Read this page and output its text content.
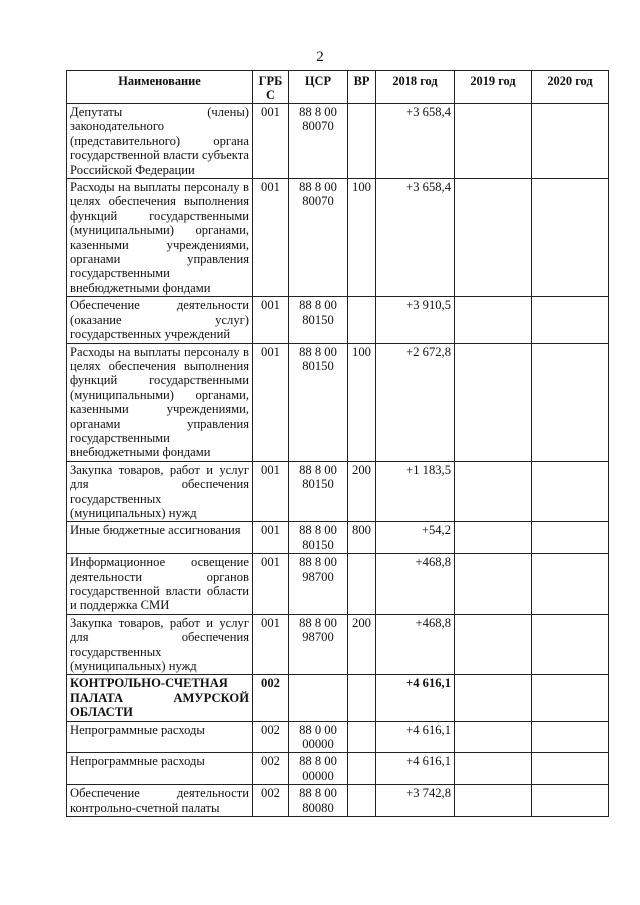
2
Наименование	ГРБ С	ЦСР	ВР	2018 год	2019 год	2020 год
Депутаты (члены) законодательного (представительного) органа государственной власти субъекта Российской Федерации	001	88 8 00 80070		+3 658,4		
Расходы на выплаты персоналу в целях обеспечения выполнения функций государственными (муниципальными) органами, казенными учреждениями, органами управления государственными внебюджетными фондами	001	88 8 00 80070	100	+3 658,4		
Обеспечение деятельности (оказание услуг) государственных учреждений	001	88 8 00 80150		+3 910,5		
Расходы на выплаты персоналу в целях обеспечения выполнения функций государственными (муниципальными) органами, казенными учреждениями, органами управления государственными внебюджетными фондами	001	88 8 00 80150	100	+2 672,8		
Закупка товаров, работ и услуг для обеспечения государственных (муниципальных) нужд	001	88 8 00 80150	200	+1 183,5		
Иные бюджетные ассигнования	001	88 8 00 80150	800	+54,2		
Информационное освещение деятельности органов государственной власти области и поддержка СМИ	001	88 8 00 98700		+468,8		
Закупка товаров, работ и услуг для обеспечения государственных (муниципальных) нужд	001	88 8 00 98700	200	+468,8		
КОНТРОЛЬНО-СЧЕТНАЯ ПАЛАТА АМУРСКОЙ ОБЛАСТИ	002			+4 616,1		
Непрограммные расходы	002	88 0 00 00000		+4 616,1		
Непрограммные расходы	002	88 8 00 00000		+4 616,1		
Обеспечение деятельности контрольно-счетной палаты	002	88 8 00 80080		+3 742,8		
